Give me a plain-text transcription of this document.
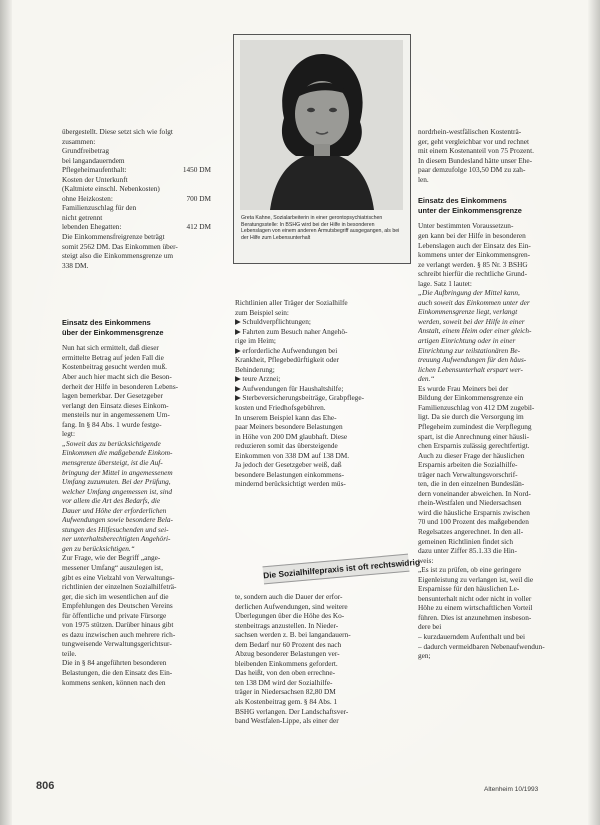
übergestellt. Diese setzt sich wie folgt
zusammen:
Grundfreibetrag
bei langandauerndem
Pflegeheimaufenthalt:	1450 DM
Kosten der Unterkunft
(Kaltmiete einschl. Nebenkosten)
ohne Heizkosten:	700 DM
Familienzuschlag für den
nicht getrennt
lebenden Ehegatten:	412 DM
Die Einkommensfreigrenze beträgt
somit 2562 DM. Das Einkommen über-
steigt also die Einkommensgrenze um
338 DM.
Einsatz des Einkommens
über der Einkommensgrenze
Nun hat sich ermittelt, daß dieser
ermittelte Betrag auf jeden Fall die
Kostenbeitrag gesucht werden muß.
Aber auch hier macht sich die Beson-
derheit der Hilfe in besonderen Lebens-
lagen bemerkbar. Der Gesetzgeber
verlangt den Einsatz dieses Einkom-
mensteils nur in angemessenem Um-
fang. In § 84 Abs. 1 wurde festge-
legt:
„Soweit das zu berücksichtigende
Einkommen die maßgebende Einkom-
mensgrenze übersteigt, ist die Auf-
bringung der Mittel in angemessenem
Umfang zuzumuten. Bei der Prüfung,
welcher Umfang angemessen ist, sind
vor allem die Art des Bedarfs, die
Dauer und Höhe der erforderlichen
Aufwendungen sowie besondere Bela-
stungen des Hilfesuchenden und sei-
ner unterhaltsberechtigten Angehöri-
gen zu berücksichtigen.“
Zur Frage, wie der Begriff „ange-
messener Umfang“ auszulegen ist,
gibt es eine Vielzahl von Verwaltungs-
richtlinien der einzelnen Sozialhilfeträ-
ger, die sich im wesentlichen auf die
Empfehlungen des Deutschen Vereins
für öffentliche und private Fürsorge
von 1975 stützen. Darüber hinaus gibt
es dazu inzwischen auch mehrere rich-
tungweisende Verwaltungsgerichtsur-
teile.
Die in § 84 angeführten besonderen
Belastungen, die den Einsatz des Ein-
kommens senken, können nach den
Greta Kahne, Sozialarbeiterin in einer gerontopsychiatrischen Beratungsstelle: In BSHG wird bei der Hilfe in besonderen Lebenslagen von einem anderen Armutsbegriff ausgegangen, als bei der Hilfe zum Lebensunterhalt
Richtlinien aller Träger der Sozialhilfe
zum Beispiel sein:
▶ Schuldverpflichtungen;
▶ Fahrten zum Besuch naher Angehö-
rige im Heim;
▶ erforderliche Aufwendungen bei
Krankheit, Pflegebedürftigkeit oder
Behinderung;
▶ teure Arznei;
▶ Aufwendungen für Haushaltshilfe;
▶ Sterbeversicherungsbeiträge, Grabpflege-
kosten und Friedhofsgebühren.
In unserem Beispiel kann das Ehe-
paar Meiners besondere Belastungen
in Höhe von 200 DM glaubhaft. Diese
reduzieren somit das übersteigende
Einkommen von 338 DM auf 138 DM.
Ja jedoch der Gesetzgeber weiß, daß
besondere Belastungen einkommens-
mindernd berücksichtigt werden müs-
Die Sozialhilfepraxis ist oft rechtswidrig
te, sondern auch die Dauer der erfor-
derlichen Aufwendungen, sind weitere
Überlegungen über die Höhe des Ko-
stenbeitrags anzustellen. In Nieder-
sachsen werden z. B. bei langandauern-
dem Bedarf nur 60 Prozent des nach
Abzug besonderer Belastungen ver-
bleibenden Einkommens gefordert.
Das heißt, von den oben errechne-
ten 138 DM wird der Sozialhilfe-
träger in Niedersachsen 82,80 DM
als Kostenbeitrag gem. § 84 Abs. 1
BSHG verlangen. Der Landschaftsver-
band Westfalen-Lippe, als einer der
nordrhein-westfälischen Kostenträ-
ger, geht vergleichbar vor und rechnet
mit einem Kostenanteil von 75 Prozent.
In diesem Bundesland hätte unser Ehe-
paar demzufolge 103,50 DM zu zah-
len.
Einsatz des Einkommens
unter der Einkommensgrenze
Unter bestimmten Voraussetzun-
gen kann bei der Hilfe in besonderen
Lebenslagen auch der Einsatz des Ein-
kommens unter der Einkommensgren-
ze verlangt werden. § 85 Nr. 3 BSHG
schreibt hierfür die rechtliche Grund-
lage. Satz 1 lautet:
„Die Aufbringung der Mittel kann,
auch soweit das Einkommen unter der
Einkommensgrenze liegt, verlangt
werden, soweit bei der Hilfe in einer
Anstalt, einem Heim oder einer gleich-
artigen Einrichtung oder in einer
Einrichtung zur teilstationären Be-
treuung Aufwendungen für den häus-
lichen Lebensunterhalt erspart wer-
den.“
Es wurde Frau Meiners bei der
Bildung der Einkommensgrenze ein
Familienzuschlag von 412 DM zugebil-
ligt. Da sie durch die Versorgung im
Pflegeheim zumindest die Verpflegung
spart, ist die Anrechnung einer häusli-
chen Ersparnis zulässig gerechtfertigt.
Auch zu dieser Frage der häuslichen
Ersparnis arbeiten die Sozialhilfe-
träger nach Verwaltungsvorschrif-
ten, die in den einzelnen Bundeslän-
dern voneinander abweichen. In Nord-
rhein-Westfalen und Niedersachsen
wird die häusliche Ersparnis zwischen
70 und 100 Prozent des maßgebenden
Regelsatzes angerechnet. In den all-
gemeinen Richtlinien findet sich
dazu unter Ziffer 85.1.33 die Hin-
weis:
„Es ist zu prüfen, ob eine geringere
Eigenleistung zu verlangen ist, weil die
Ersparnisse für den häuslichen Le-
bensunterhalt nicht oder nicht in voller
Höhe zu einem wirtschaftlichen Vorteil
führen. Dies ist anzunehmen insbeson-
dere bei
– kurzdauerndem Aufenthalt und bei
– dadurch vermeidbaren Nebenaufwendun-
gen;
806	Altenheim 10/1993
